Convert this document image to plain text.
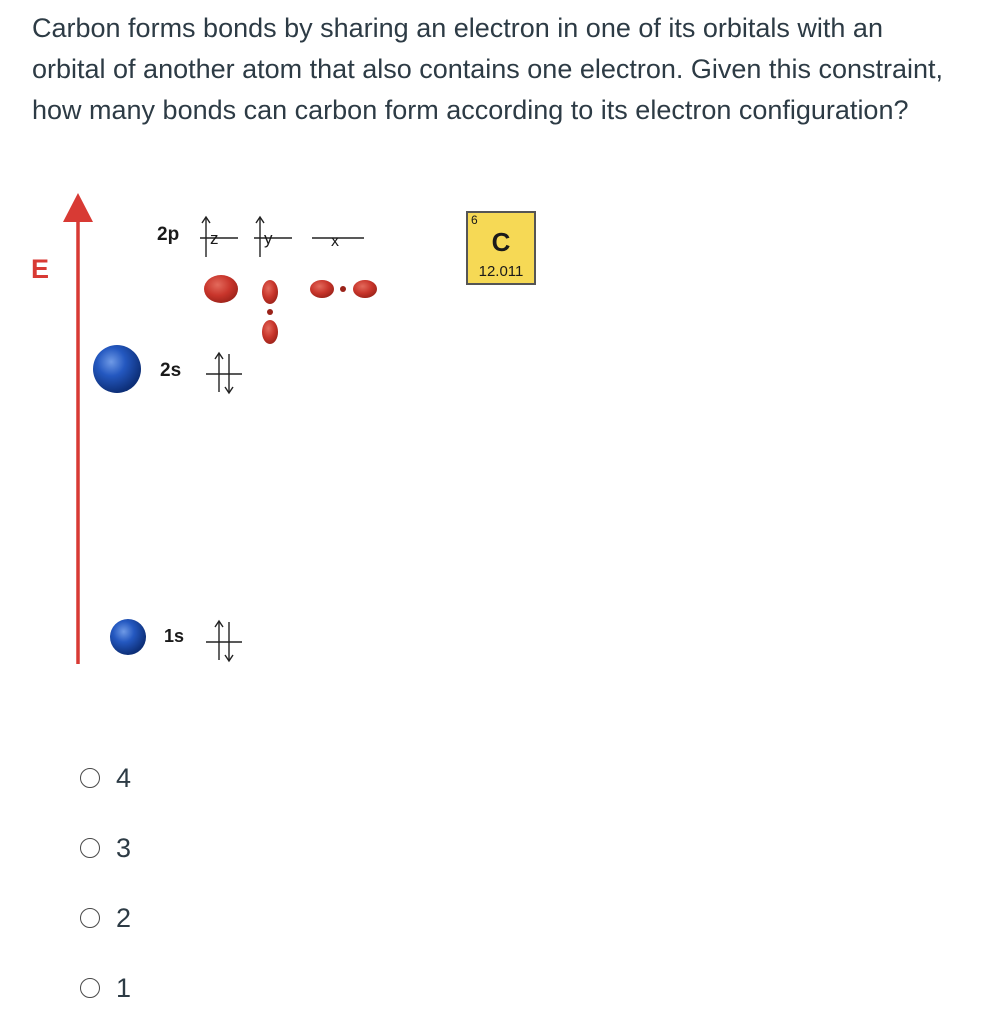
Carbon forms bonds by sharing an electron in one of its orbitals with an orbital of another atom that also contains one electron. Given this constraint, how many bonds can carbon form according to its electron configuration?

E
2p z	y	x
2s
1s
6
C
12.011
4
3
2
1
